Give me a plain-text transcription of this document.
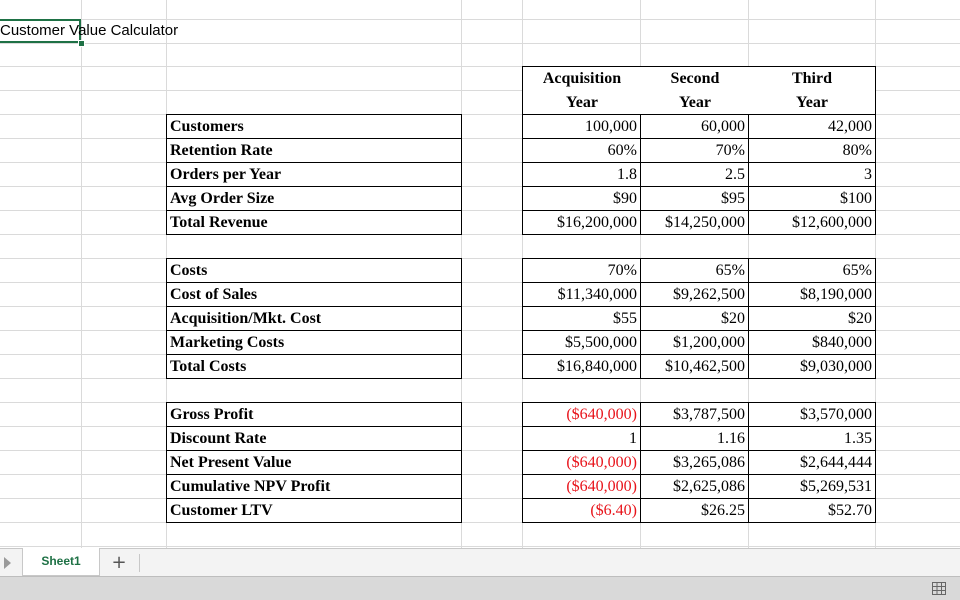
Customer Value Calculator
Acquisition
Year
Second
Year
Third
Year
Customers	100,000	60,000	42,000
Retention Rate	60%	70%	80%
Orders per Year	1.8	2.5	3
Avg Order Size	$90	$95	$100
Total Revenue	$16,200,000	$14,250,000	$12,600,000
Costs	70%	65%	65%
Cost of Sales	$11,340,000	$9,262,500	$8,190,000
Acquisition/Mkt. Cost	$55	$20	$20
Marketing Costs	$5,500,000	$1,200,000	$840,000
Total Costs	$16,840,000	$10,462,500	$9,030,000
Gross Profit	($640,000)	$3,787,500	$3,570,000
Discount Rate	1	1.16	1.35
Net Present Value	($640,000)	$3,265,086	$2,644,444
Cumulative NPV Profit	($640,000)	$2,625,086	$5,269,531
Customer LTV	($6.40)	$26.25	$52.70
Sheet1	+
